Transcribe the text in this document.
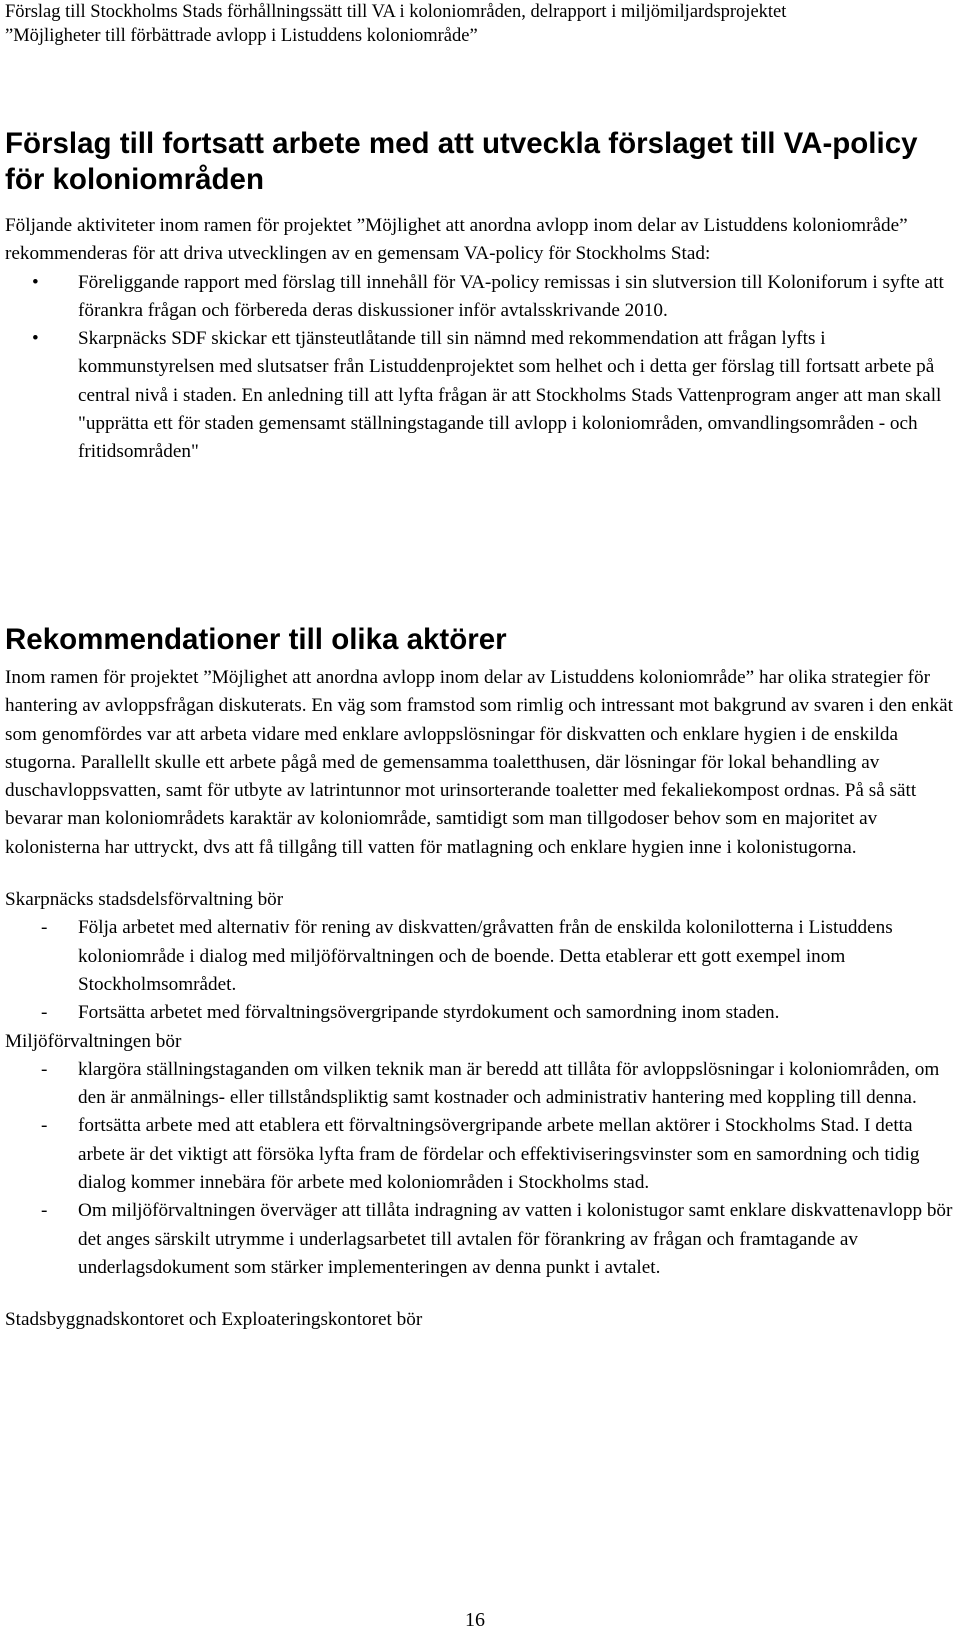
Förslag till Stockholms Stads förhållningssätt till VA i koloniområden, delrapport i miljömiljardsprojektet
”Möjligheter till förbättrade avlopp i Listuddens koloniområde”
Förslag till fortsatt arbete med att utveckla förslaget till VA-policy för koloniområden

Följande aktiviteter inom ramen för projektet ”Möjlighet att anordna avlopp inom delar av Listuddens koloniområde” rekommenderas för att driva utvecklingen av en gemensam VA-policy för Stockholms Stad:

• Föreliggande rapport med förslag till innehåll för VA-policy remissas i sin slutversion till Koloniforum i syfte att förankra frågan och förbereda deras diskussioner inför avtalsskrivande 2010.
• Skarpnäcks SDF skickar ett tjänsteutlåtande till sin nämnd med rekommendation att frågan lyfts i kommunstyrelsen med slutsatser från Listuddenprojektet som helhet och i detta ger förslag till fortsatt arbete på central nivå i staden. En anledning till att lyfta frågan är att Stockholms Stads Vattenprogram anger att man skall "upprätta ett för staden gemensamt ställningstagande till avlopp i koloniområden, omvandlingsområden - och fritidsområden"
Rekommendationer till olika aktörer

Inom ramen för projektet ”Möjlighet att anordna avlopp inom delar av Listuddens koloniområde” har olika strategier för hantering av avloppsfrågan diskuterats. En väg som framstod som rimlig och intressant mot bakgrund av svaren i den enkät som genomfördes var att arbeta vidare med enklare avloppslösningar för diskvatten och enklare hygien i de enskilda stugorna. Parallellt skulle ett arbete pågå med de gemensamma toaletthusen, där lösningar för lokal behandling av duschavloppsvatten, samt för utbyte av latrintunnor mot urinsorterande toaletter med fekaliekompost ordnas. På så sätt bevarar man koloniområdets karaktär av koloniområde, samtidigt som man tillgodoser behov som en majoritet av kolonisterna har uttryckt, dvs att få tillgång till vatten för matlagning och enklare hygien inne i kolonistugorna.

Skarpnäcks stadsdelsförvaltning bör

- Följa arbetet med alternativ för rening av diskvatten/gråvatten från de enskilda kolonilotterna i Listuddens koloniområde i dialog med miljöförvaltningen och de boende. Detta etablerar ett gott exempel inom Stockholmsområdet.
- Fortsätta arbetet med förvaltningsövergripande styrdokument och samordning inom staden.

Miljöförvaltningen bör

- klargöra ställningstaganden om vilken teknik man är beredd att tillåta för avloppslösningar i koloniområden, om den är anmälnings- eller tillståndspliktig samt kostnader och administrativ hantering med koppling till denna.
- fortsätta arbete med att etablera ett förvaltningsövergripande arbete mellan aktörer i Stockholms Stad. I detta arbete är det viktigt att försöka lyfta fram de fördelar och effektiviseringsvinster som en samordning och tidig dialog kommer innebära för arbete med koloniområden i Stockholms stad.
- Om miljöförvaltningen överväger att tillåta indragning av vatten i kolonistugor samt enklare diskvattenavlopp bör det anges särskilt utrymme i underlagsarbetet till avtalen för förankring av frågan och framtagande av underlagsdokument som stärker implementeringen av denna punkt i avtalet.

Stadsbyggnadskontoret och Exploateringskontoret bör

16
